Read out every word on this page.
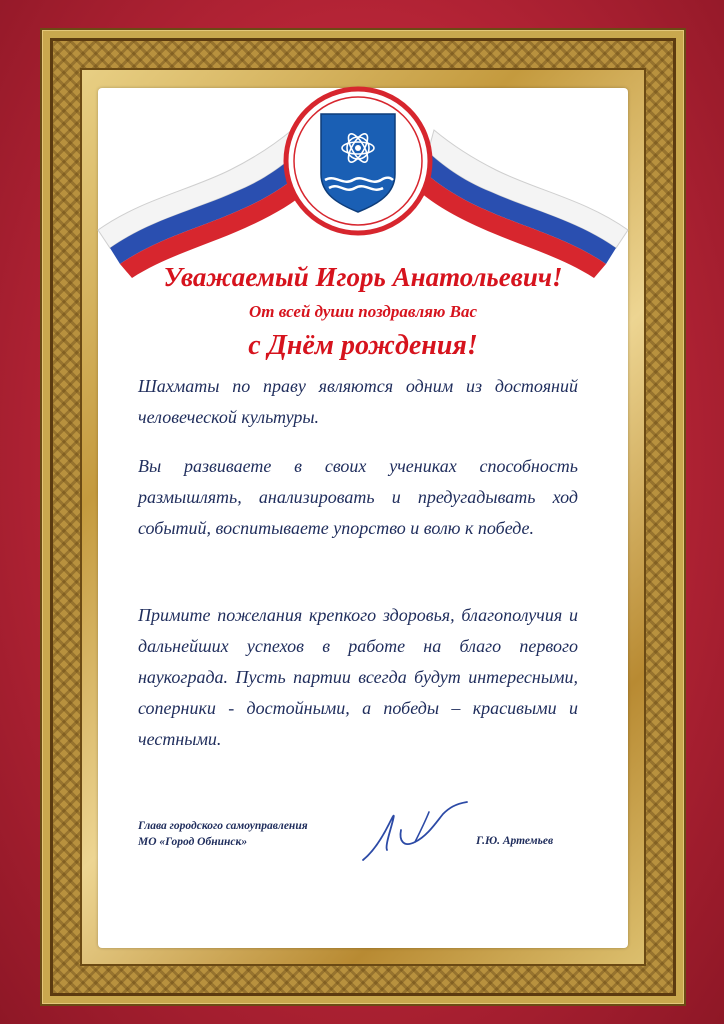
Уважаемый Игорь Анатольевич!
От всей души поздравляю Вас
с Днём рождения!

Шахматы по праву являются одним из достояний человеческой культуры.

Вы развиваете в своих учениках способность размышлять, анализировать и предугадывать ход событий, воспитываете упорство и волю к победе.

Примите пожелания крепкого здоровья, благополучия и дальнейших успехов в работе на благо первого наукограда. Пусть партии всегда будут интересными, соперники - достойными, а победы – красивыми и честными.

Глава городского самоуправления
МО «Город Обнинск»	Г.Ю. Артемьев
